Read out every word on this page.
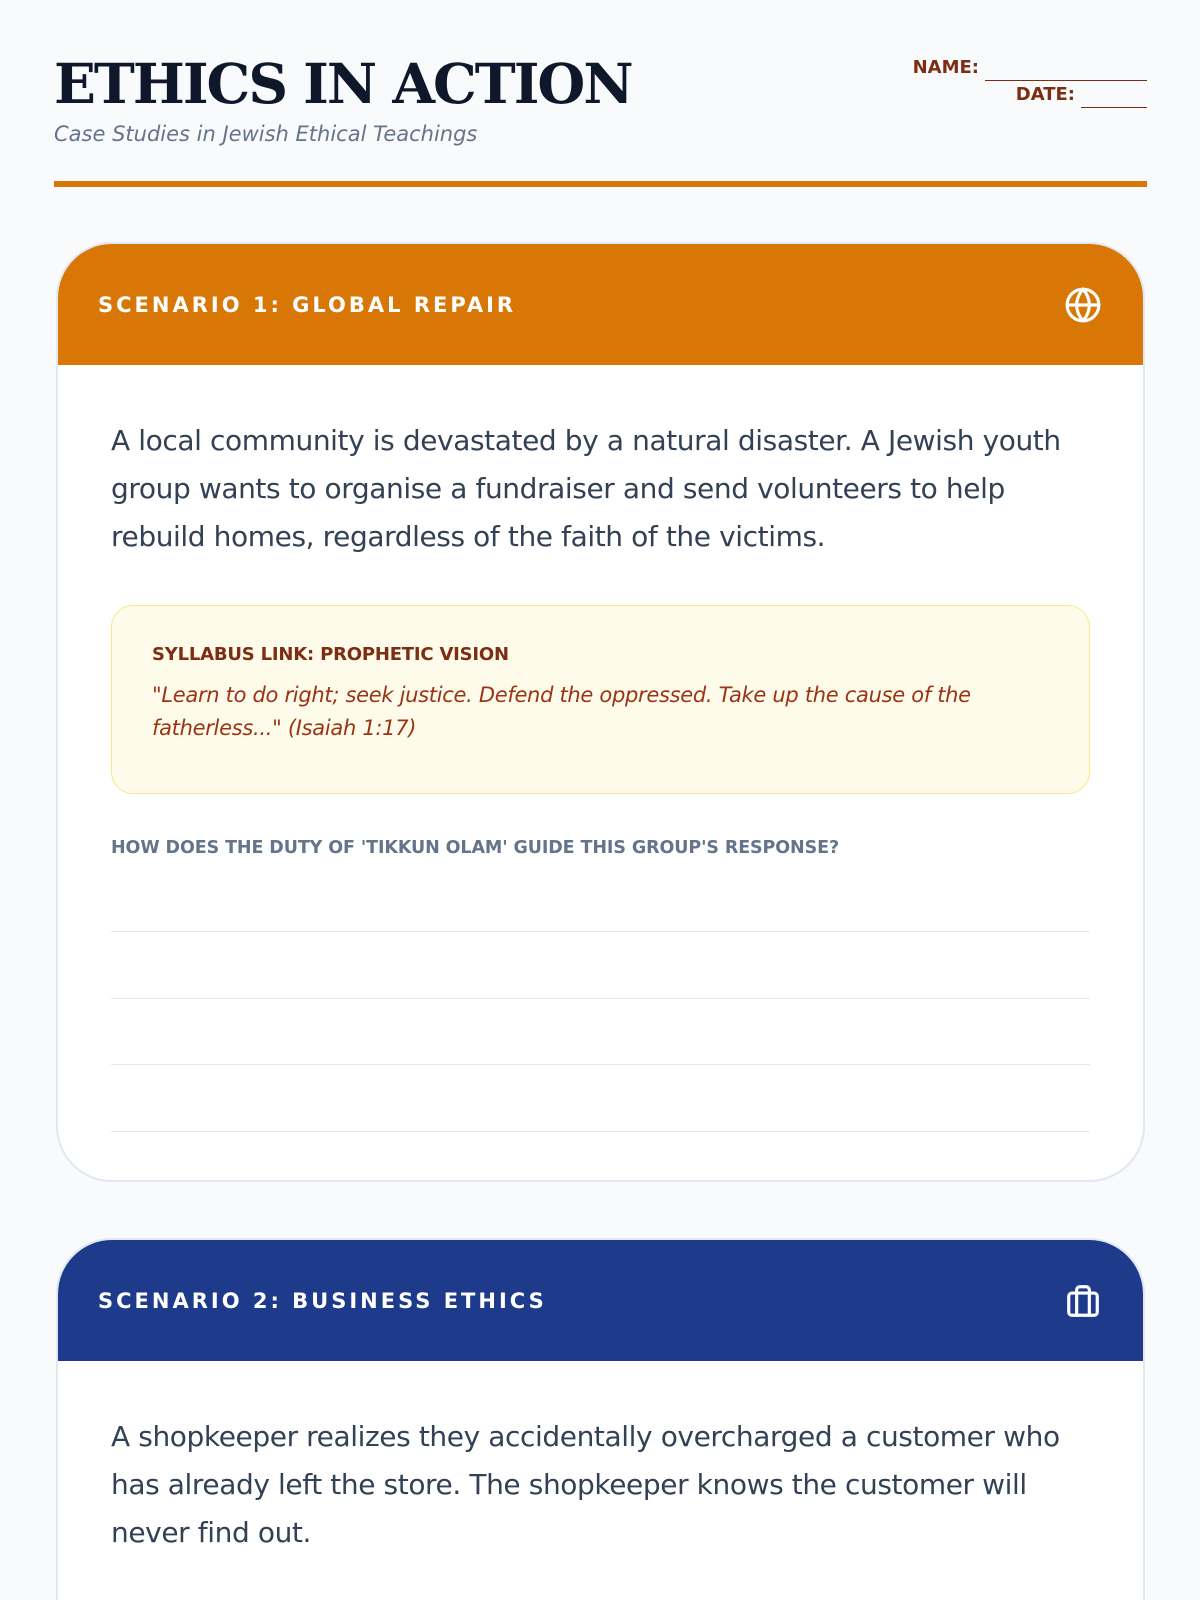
ETHICS IN ACTION
Case Studies in Jewish Ethical Teachings
NAME:
DATE:
SCENARIO 1: GLOBAL REPAIR

A local community is devastated by a natural disaster. A Jewish youth group wants to organise a fundraiser and send volunteers to help rebuild homes, regardless of the faith of the victims.

SYLLABUS LINK: PROPHETIC VISION
"Learn to do right; seek justice. Defend the oppressed. Take up the cause of the fatherless..." (Isaiah 1:17)
HOW DOES THE DUTY OF 'TIKKUN OLAM' GUIDE THIS GROUP'S RESPONSE?
SCENARIO 2: BUSINESS ETHICS

A shopkeeper realizes they accidentally overcharged a customer who has already left the store. The shopkeeper knows the customer will never find out.
